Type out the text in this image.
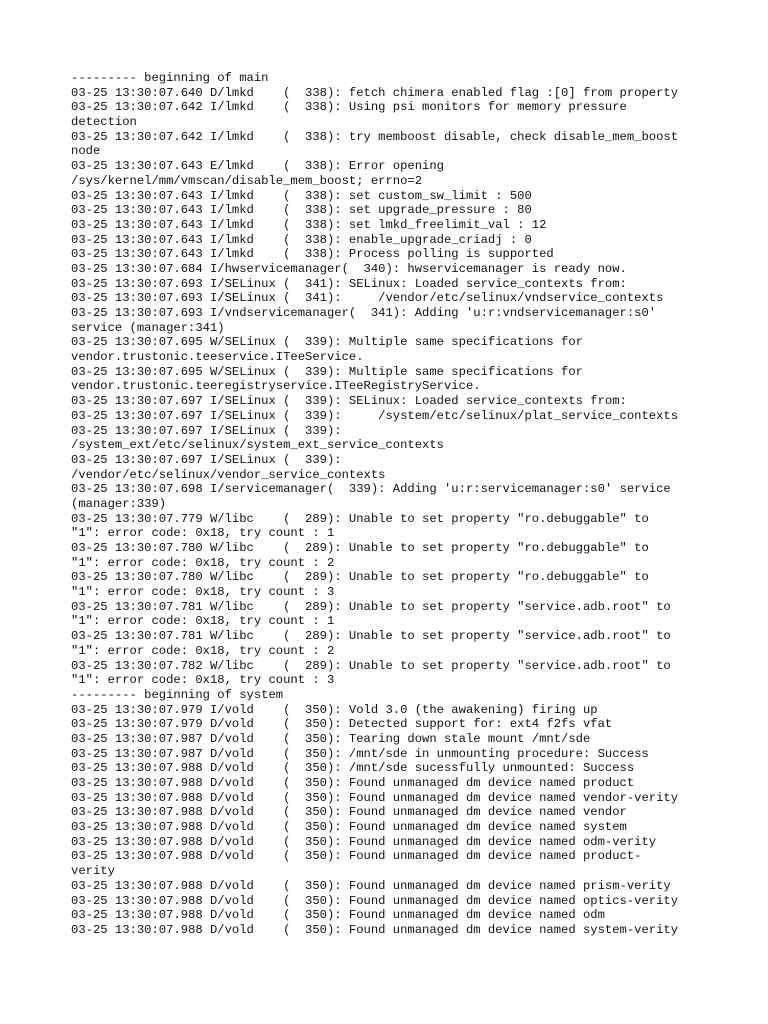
--------- beginning of main
03-25 13:30:07.640 D/lmkd    (  338): fetch chimera enabled flag :[0] from property
03-25 13:30:07.642 I/lmkd    (  338): Using psi monitors for memory pressure
detection
03-25 13:30:07.642 I/lmkd    (  338): try memboost disable, check disable_mem_boost
node
03-25 13:30:07.643 E/lmkd    (  338): Error opening
/sys/kernel/mm/vmscan/disable_mem_boost; errno=2
03-25 13:30:07.643 I/lmkd    (  338): set custom_sw_limit : 500
03-25 13:30:07.643 I/lmkd    (  338): set upgrade_pressure : 80
03-25 13:30:07.643 I/lmkd    (  338): set lmkd_freelimit_val : 12
03-25 13:30:07.643 I/lmkd    (  338): enable_upgrade_criadj : 0
03-25 13:30:07.643 I/lmkd    (  338): Process polling is supported
03-25 13:30:07.684 I/hwservicemanager(  340): hwservicemanager is ready now.
03-25 13:30:07.693 I/SELinux (  341): SELinux: Loaded service_contexts from:
03-25 13:30:07.693 I/SELinux (  341):     /vendor/etc/selinux/vndservice_contexts
03-25 13:30:07.693 I/vndservicemanager(  341): Adding 'u:r:vndservicemanager:s0'
service (manager:341)
03-25 13:30:07.695 W/SELinux (  339): Multiple same specifications for
vendor.trustonic.teeservice.ITeeService.
03-25 13:30:07.695 W/SELinux (  339): Multiple same specifications for
vendor.trustonic.teeregistryservice.ITeeRegistryService.
03-25 13:30:07.697 I/SELinux (  339): SELinux: Loaded service_contexts from:
03-25 13:30:07.697 I/SELinux (  339):     /system/etc/selinux/plat_service_contexts
03-25 13:30:07.697 I/SELinux (  339):
/system_ext/etc/selinux/system_ext_service_contexts
03-25 13:30:07.697 I/SELinux (  339):
/vendor/etc/selinux/vendor_service_contexts
03-25 13:30:07.698 I/servicemanager(  339): Adding 'u:r:servicemanager:s0' service
(manager:339)
03-25 13:30:07.779 W/libc    (  289): Unable to set property "ro.debuggable" to
"1": error code: 0x18, try count : 1
03-25 13:30:07.780 W/libc    (  289): Unable to set property "ro.debuggable" to
"1": error code: 0x18, try count : 2
03-25 13:30:07.780 W/libc    (  289): Unable to set property "ro.debuggable" to
"1": error code: 0x18, try count : 3
03-25 13:30:07.781 W/libc    (  289): Unable to set property "service.adb.root" to
"1": error code: 0x18, try count : 1
03-25 13:30:07.781 W/libc    (  289): Unable to set property "service.adb.root" to
"1": error code: 0x18, try count : 2
03-25 13:30:07.782 W/libc    (  289): Unable to set property "service.adb.root" to
"1": error code: 0x18, try count : 3
--------- beginning of system
03-25 13:30:07.979 I/vold    (  350): Vold 3.0 (the awakening) firing up
03-25 13:30:07.979 D/vold    (  350): Detected support for: ext4 f2fs vfat
03-25 13:30:07.987 D/vold    (  350): Tearing down stale mount /mnt/sde
03-25 13:30:07.987 D/vold    (  350): /mnt/sde in unmounting procedure: Success
03-25 13:30:07.988 D/vold    (  350): /mnt/sde sucessfully unmounted: Success
03-25 13:30:07.988 D/vold    (  350): Found unmanaged dm device named product
03-25 13:30:07.988 D/vold    (  350): Found unmanaged dm device named vendor-verity
03-25 13:30:07.988 D/vold    (  350): Found unmanaged dm device named vendor
03-25 13:30:07.988 D/vold    (  350): Found unmanaged dm device named system
03-25 13:30:07.988 D/vold    (  350): Found unmanaged dm device named odm-verity
03-25 13:30:07.988 D/vold    (  350): Found unmanaged dm device named product-
verity
03-25 13:30:07.988 D/vold    (  350): Found unmanaged dm device named prism-verity
03-25 13:30:07.988 D/vold    (  350): Found unmanaged dm device named optics-verity
03-25 13:30:07.988 D/vold    (  350): Found unmanaged dm device named odm
03-25 13:30:07.988 D/vold    (  350): Found unmanaged dm device named system-verity
